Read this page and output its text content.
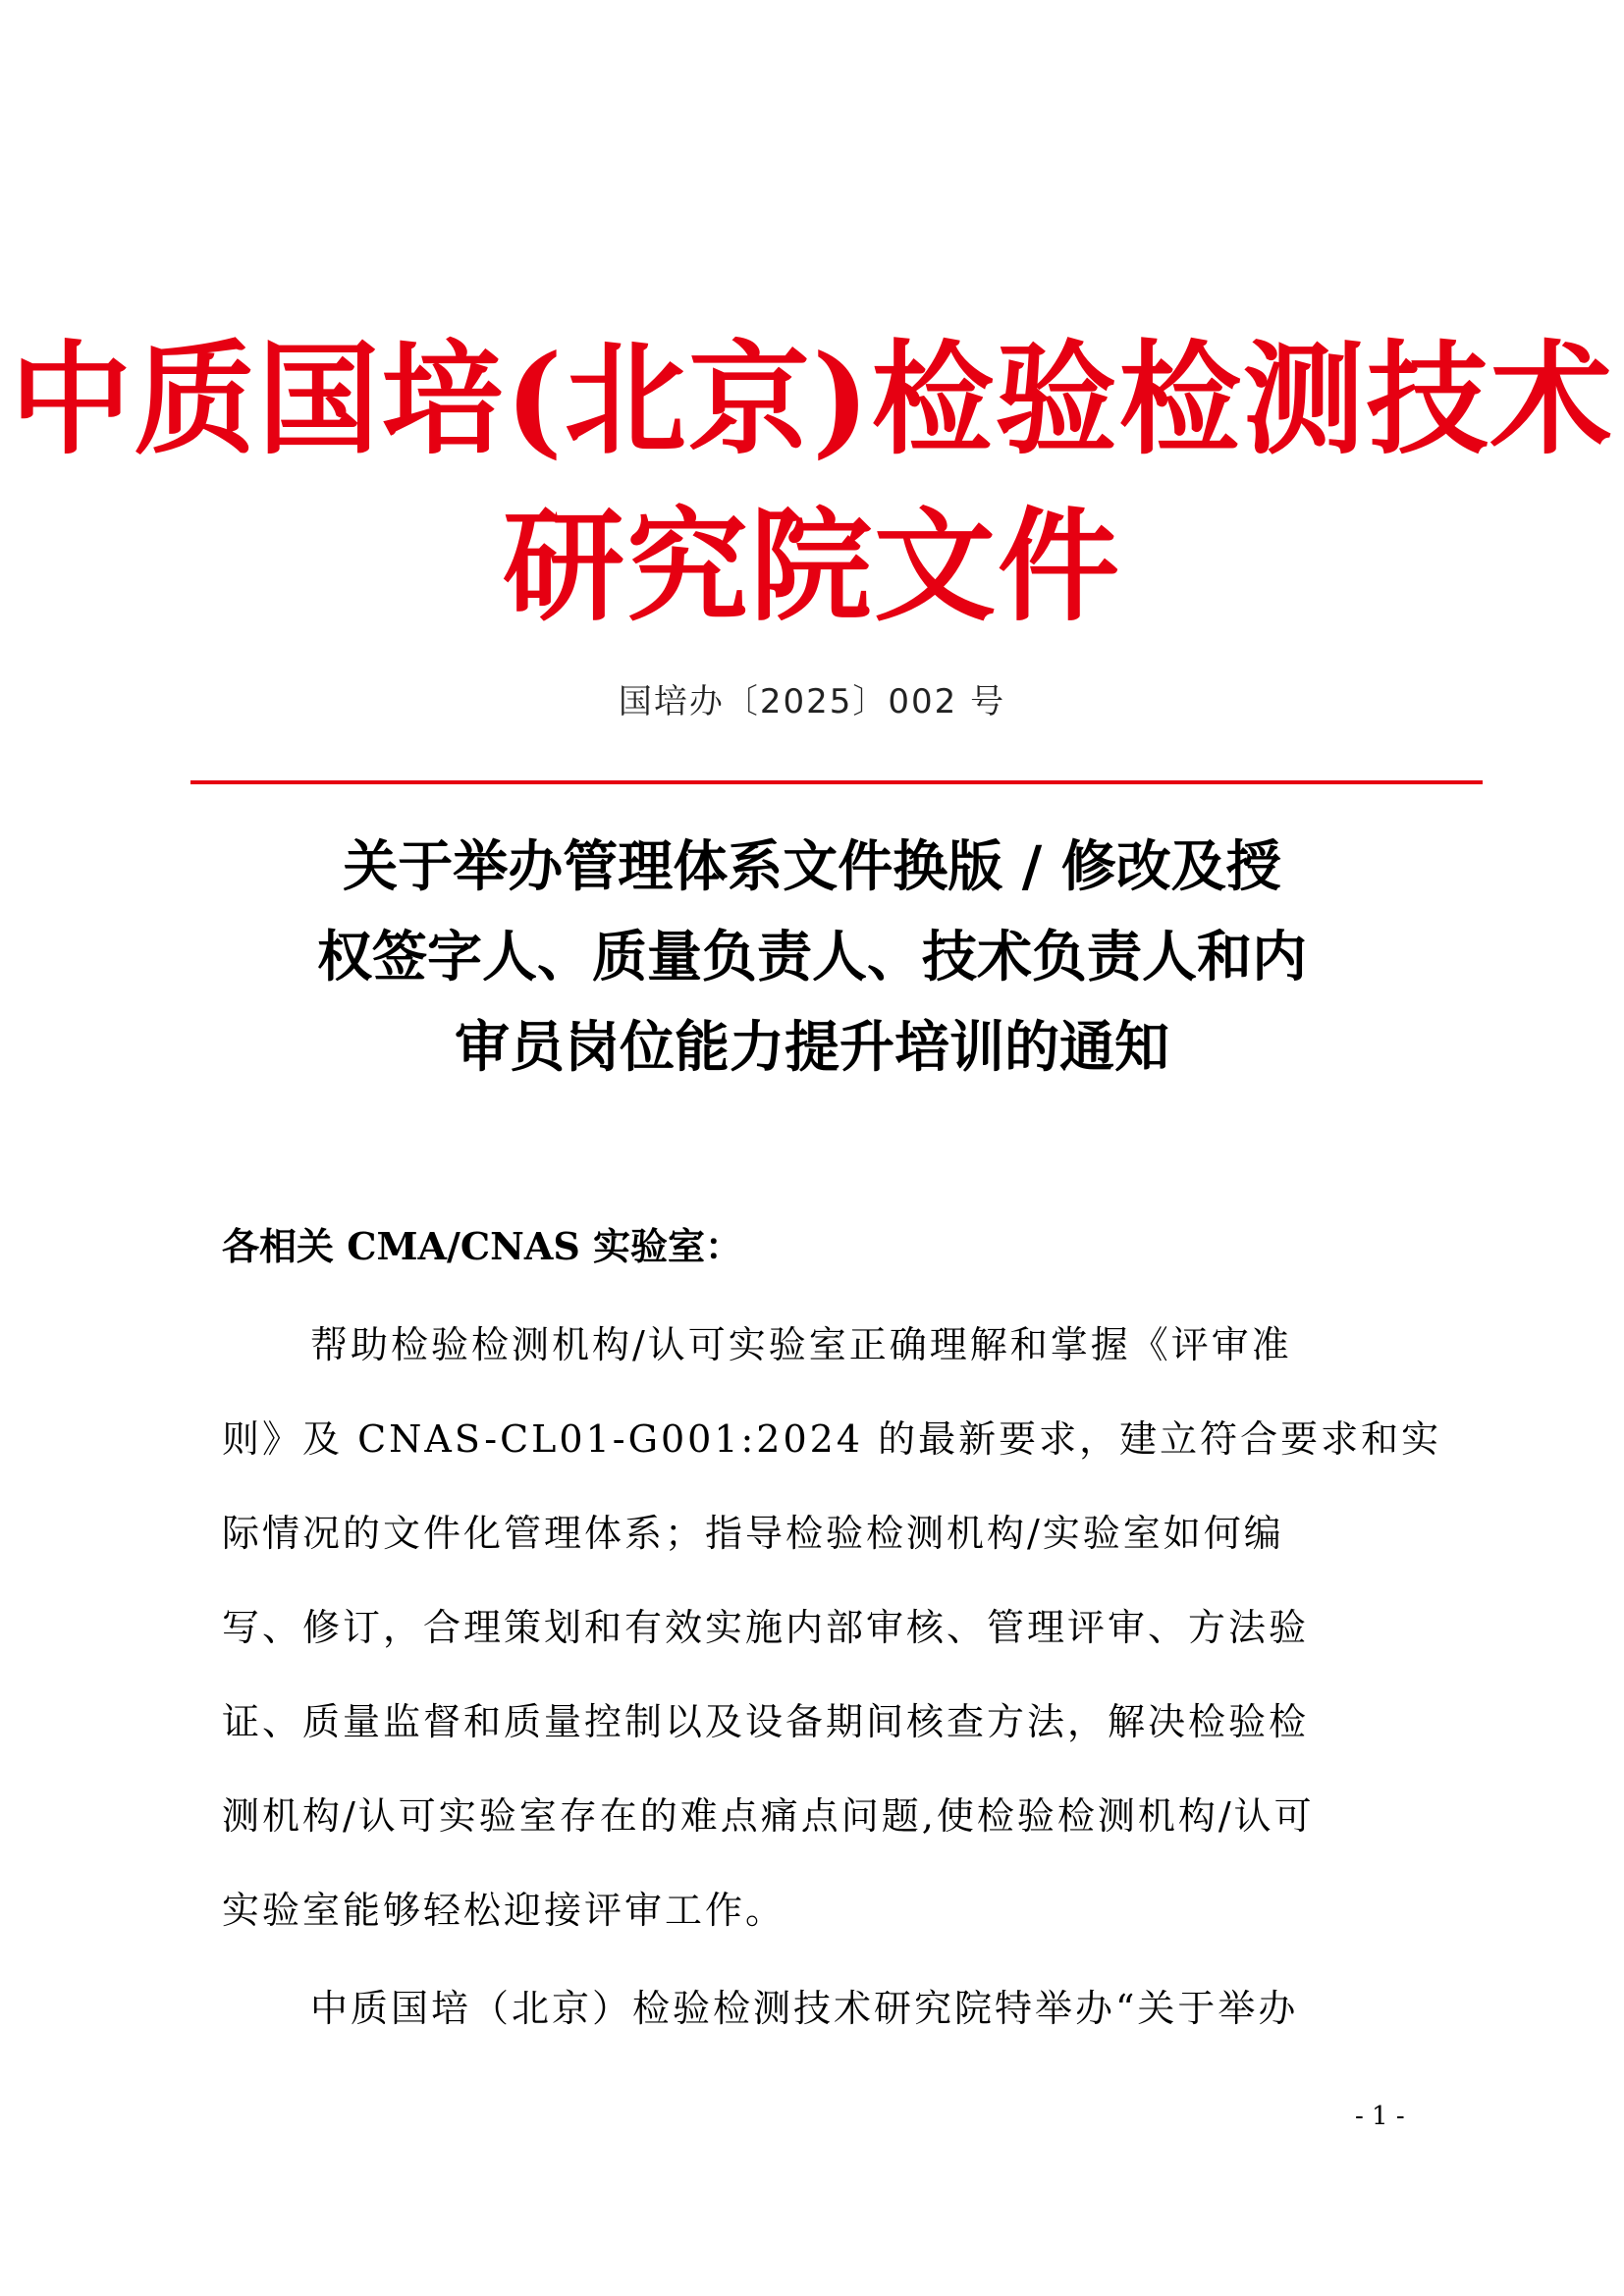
中质国培(北京)检验检测技术
研究院文件
国培办〔2025〕002 号
关于举办管理体系文件换版 / 修改及授
权签字人、质量负责人、技术负责人和内
审员岗位能力提升培训的通知
各相关 CMA/CNAS 实验室：
帮助检验检测机构/认可实验室正确理解和掌握《评审准
则》及 CNAS-CL01-G001:2024 的最新要求，建立符合要求和实
际情况的文件化管理体系；指导检验检测机构/实验室如何编
写、修订，合理策划和有效实施内部审核、管理评审、方法验
证、质量监督和质量控制以及设备期间核查方法，解决检验检
测机构/认可实验室存在的难点痛点问题,使检验检测机构/认可
实验室能够轻松迎接评审工作。
中质国培（北京）检验检测技术研究院特举办“关于举办
- 1 -
